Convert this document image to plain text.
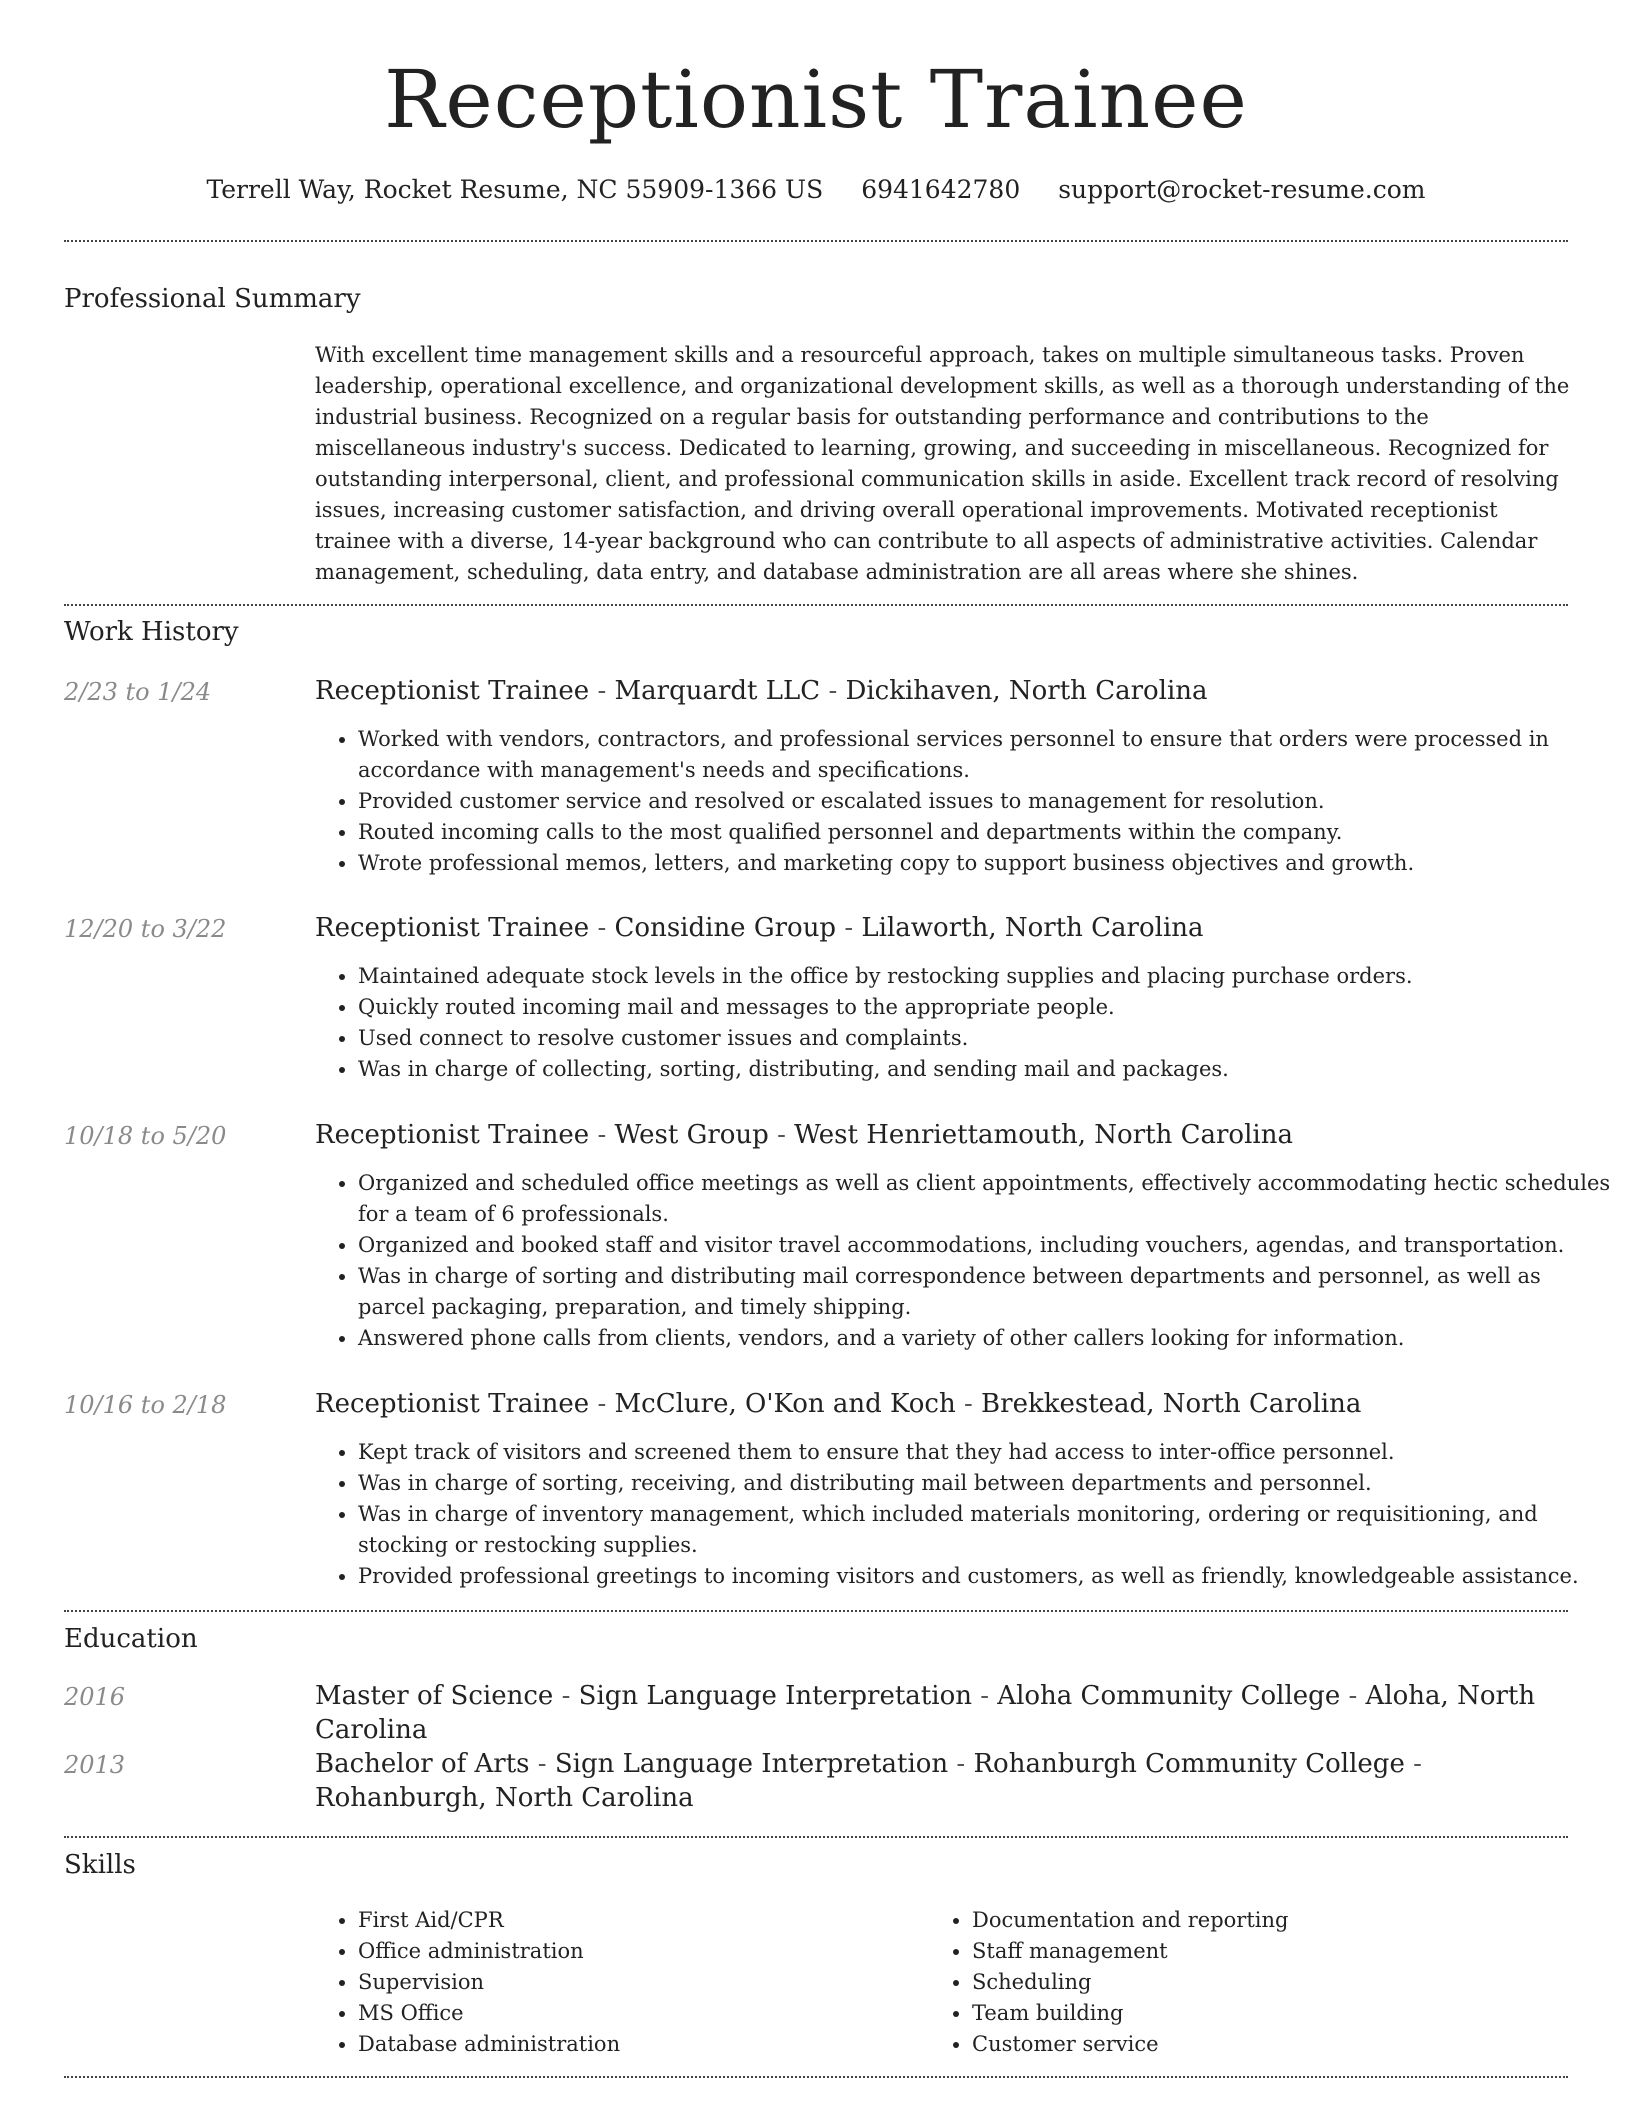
Receptionist Trainee
Terrell Way, Rocket Resume, NC 55909-1366 US 6941642780 support@rocket-resume.com
Professional Summary

With excellent time management skills and a resourceful approach, takes on multiple simultaneous tasks. Proven leadership, operational excellence, and organizational development skills, as well as a thorough understanding of the industrial business. Recognized on a regular basis for outstanding performance and contributions to the miscellaneous industry's success. Dedicated to learning, growing, and succeeding in miscellaneous. Recognized for outstanding interpersonal, client, and professional communication skills in aside. Excellent track record of resolving issues, increasing customer satisfaction, and driving overall operational improvements. Motivated receptionist trainee with a diverse, 14-year background who can contribute to all aspects of administrative activities. Calendar management, scheduling, data entry, and database administration are all areas where she shines.

Work History
2/23 to 1/24	Receptionist Trainee - Marquardt LLC - Dickihaven, North Carolina
• Worked with vendors, contractors, and professional services personnel to ensure that orders were processed in accordance with management's needs and specifications.
• Provided customer service and resolved or escalated issues to management for resolution.
• Routed incoming calls to the most qualified personnel and departments within the company.
• Wrote professional memos, letters, and marketing copy to support business objectives and growth.
12/20 to 3/22	Receptionist Trainee - Considine Group - Lilaworth, North Carolina
• Maintained adequate stock levels in the office by restocking supplies and placing purchase orders.
• Quickly routed incoming mail and messages to the appropriate people.
• Used connect to resolve customer issues and complaints.
• Was in charge of collecting, sorting, distributing, and sending mail and packages.
10/18 to 5/20	Receptionist Trainee - West Group - West Henriettamouth, North Carolina
• Organized and scheduled office meetings as well as client appointments, effectively accommodating hectic schedules for a team of 6 professionals.
• Organized and booked staff and visitor travel accommodations, including vouchers, agendas, and transportation.
• Was in charge of sorting and distributing mail correspondence between departments and personnel, as well as parcel packaging, preparation, and timely shipping.
• Answered phone calls from clients, vendors, and a variety of other callers looking for information.
10/16 to 2/18	Receptionist Trainee - McClure, O'Kon and Koch - Brekkestead, North Carolina
• Kept track of visitors and screened them to ensure that they had access to inter-office personnel.
• Was in charge of sorting, receiving, and distributing mail between departments and personnel.
• Was in charge of inventory management, which included materials monitoring, ordering or requisitioning, and stocking or restocking supplies.
• Provided professional greetings to incoming visitors and customers, as well as friendly, knowledgeable assistance.
Education
2016	Master of Science - Sign Language Interpretation - Aloha Community College - Aloha, North Carolina
2013	Bachelor of Arts - Sign Language Interpretation - Rohanburgh Community College - Rohanburgh, North Carolina
Skills
• First Aid/CPR
• Office administration
• Supervision
• MS Office
• Database administration
• Documentation and reporting
• Staff management
• Scheduling
• Team building
• Customer service
